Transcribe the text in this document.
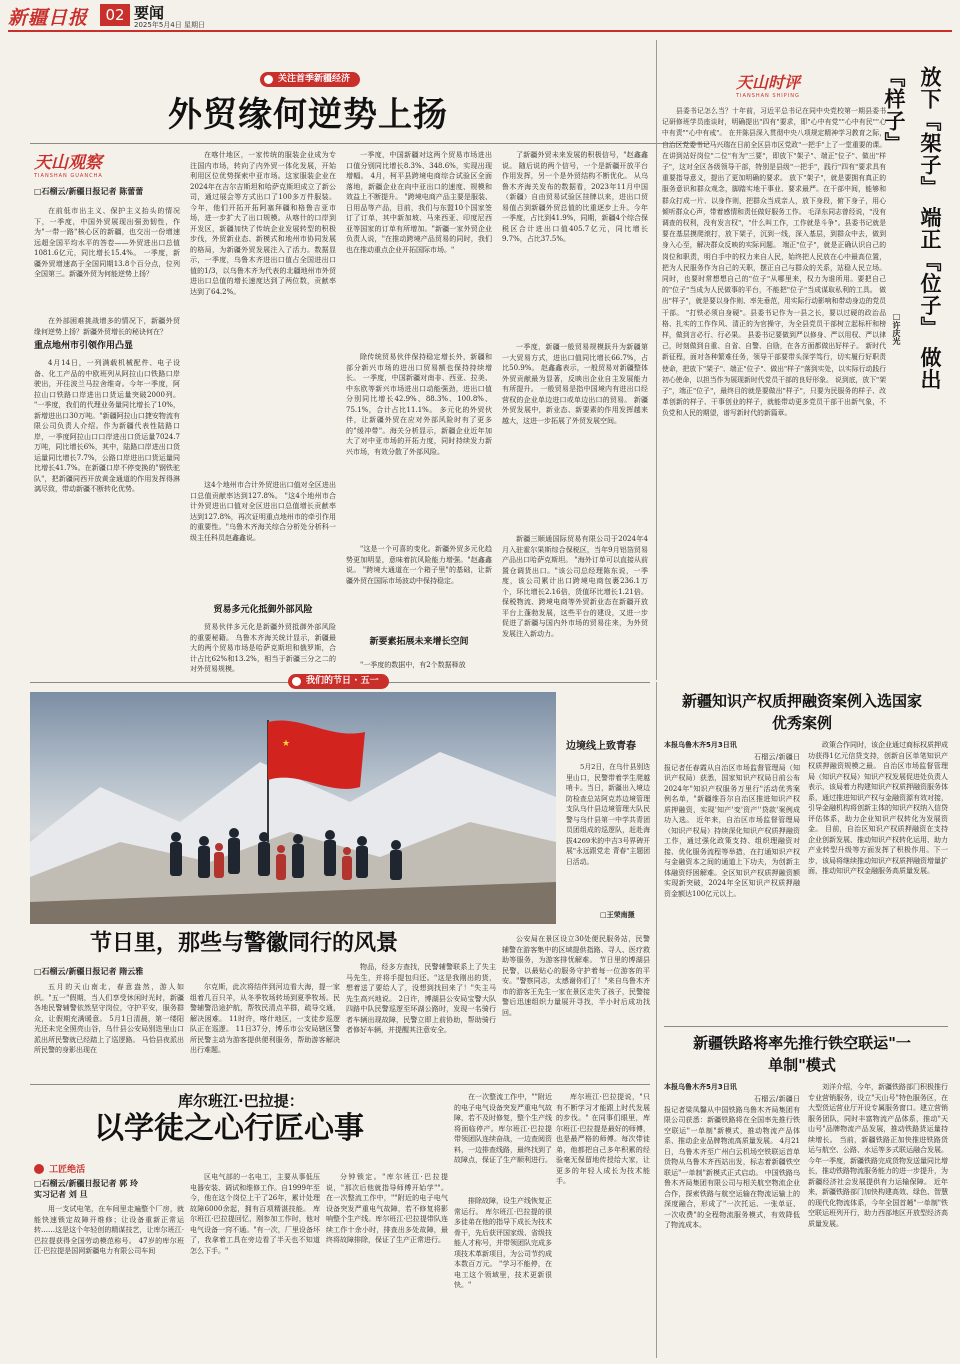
新疆日报	02 要闻
2025年5月4日 星期日
关注首季新疆经济
外贸缘何逆势上扬
天山观察
TIANSHAN GUANCHA
□石榴云/新疆日报记者 陈蕾蕾
在前低市出主义、保护主义抬头的情况下，一季度，中国外贸展现出强劲韧性，作为"一带一路"核心区的新疆，也交出一份增速远超全国平均水平的答卷——外贸进出口总值1081.6亿元，同比增长15.4%。 一季度，新疆外贸增速高于全国同期13.8个百分点，位列全国第三。新疆外贸为何能逆势上扬？
在外部困难挑战增多的情况下，新疆外贸缘何逆势上扬？新疆外贸增长的秘诀何在？
重点地州市引领作用凸显
4月14日，一列满载机械配件、电子设备、化工产品的中欧班列从阿拉山口铁路口岸驶出，开往波兰马拉舍维奇。今年一季度，阿拉山口铁路口岸进出口货运量突破2000列。 "一季度，我们的代理业务量同比增长了10%，新增进出口30万吨。"新疆阿拉山口捷安物流有限公司负责人介绍。作为新疆代表性陆路口岸，一季度阿拉山口口岸进出口货运量7024.7万吨，同比增长6%，其中，陆路口岸进出口货运量同比增长7.7%，公路口岸进出口货运量同比增长41.7%。在新疆口岸不停变换的"钢铁驼队"，把新疆同西开放黄金通道的作用发挥得淋漓尽致，带动新疆不断转化优势。
在喀什地区，一家传统的服装企业成为专注国内市场，转向了内外贸一体化发展，开始利用区位优势探索中亚市场。这家服装企业在2024年在吉尔吉斯坦和哈萨克斯坦成立了新公司，通过展会等方式出口了100多万件服装。今年，他们开拓开拓阿塞拜疆和格鲁吉亚市场，进一步扩大了出口规模。从喀什的口岸到开发区，新疆加快了传统企业发展转型的积极步伐，外贸新业态、新模式和地州市协同发展的格局，为新疆外贸发展注入了活力。数据显示，一季度，乌鲁木齐进出口值占全国进出口值的1/3，以乌鲁木齐为代表的北疆地州市外贸进出口总值的增长速度达到了两位数，贡献率达到了64.2%。
这4个地州市合计外贸进出口值对全区进出口总值贡献率达到127.8%。 "这4个地州市合计外贸进出口值对全区进出口总值增长贡献率达到127.8%，再次证明重点地州市的牵引作用的重要性。"乌鲁木齐海关综合分析处分析科一级主任科员赵鑫鑫说。
贸易多元化抵御外部风险
贸易伙伴多元化是新疆外贸抵御外部风险的重要秘籍。 乌鲁木齐海关统计显示，新疆最大的两个贸易市场是哈萨克斯坦和俄罗斯，合计占比62%和13.2%，相当于新疆三分之二的对外贸易规模。
一季度，中国新疆对这两个贸易市场进出口值分别同比增长8.3%、348.6%，实现出现增幅。 4月，柯平县跨境电商综合试验区全面落地，新疆企业在向中亚出口的速度、规模和效益上不断提升。 "跨境电商产品主要是服装、日用品等产品，目前，我们与东盟10个国家签订了订单，其中新加坡、马来西亚、印度尼西亚等国家的订单有所增加。"新疆一家外贸企业负责人说，"在推动跨境产品贸易的同时，我们也在推动重点企业开拓国际市场。"
除传统贸易伙伴保持稳定增长外，新疆和部分新兴市场的进出口贸易额也保持持续增长。 一季度，中国新疆对南非、西亚、拉美、中东欧等新兴市场进出口动能强劲，进出口值分别同比增长42.9%、88.3%、100.8%、75.1%，合计占比11.1%。 多元化的外贸伙伴，让新疆外贸在应对外部风险时有了更多的"缓冲带"。海关分析显示，新疆企业近年加大了对中亚市场的开拓力度，同时持续发力新兴市场，有效分散了外部风险。
"这是一个可喜的变化。新疆外贸多元化趋势更加明显，意味着抗风险能力增强。"赵鑫鑫说。 "跨境大通道在一个箱子里"的基础，让新疆外贸在国际市场波动中保持稳定。
新要素拓展未来增长空间
"一季度的数据中，有2个数据释放
了新疆外贸未来发展的积极信号，"赵鑫鑫说。 随后说的两个信号，一个是新疆开放平台作用发挥，另一个是外贸结构不断优化。 从乌鲁木齐海关发布的数据看，2023年11月中国（新疆）自由贸易试验区挂牌以来，进出口贸易值占到新疆外贸总值的比重逐步上升。今年一季度，占比到41.9%，同期，新疆4个综合保税区合计进出口值405.7亿元，同比增长9.7%，占比37.5%。
一季度，新疆一般贸易规模跃升为新疆第一大贸易方式，进出口值同比增长66.7%，占比50.9%。 赵鑫鑫表示，一般贸易对新疆整体外贸贡献最为显著，反映出企业自主发展能力有所提升。 一般贸易是指中国境内有进出口经营权的企业单边进口或单边出口的贸易。 新疆外贸发展中，新业态、新要素的作用发挥越来越大，这进一步拓展了外贸发展空间。
新疆三顺通国际贸易有限公司于2024年4月入驻霍尔果斯综合保税区，当年9月铝箔贸易产品出口哈萨克斯坦。 "海外订单可以直接从前置仓调货出口。"该公司总经理陈东说，一季度，该公司累计出口跨境电商包裹236.1万个，环比增长2.16倍，货值环比增长1.21倍。 保税物流、跨境电商等外贸新业态在新疆开放平台上蓬勃发展，这些平台的建设，又进一步促进了新疆与国内外市场的贸易往来，为外贸发展注入新动力。
天山时评
TIANSHAN SHIPING	放下『架子』 端正『位子』 做出『样子』
□许庆光
县委书记怎么当？十年前，习近平总书记在同中央党校第一期县委书记研修班学员座谈时，明确提出"四有"要求，即"心中有党""心中有民""心中有责""心中有戒"。 在井陈县深入贯彻中央八项规定精神学习教育之际，自治区党委书记马兴瑞在日前全区县市区党政"一把手"上了一堂重要的课。在讲到站好岗位"二位"有为"三要"，即放下"架子"、端正"位子"、做出"样子"，这对全区各级领导干部，特别是县级"一把手"，践行"四有"要求具有重要指导意义，提出了更加明确的要求。 放下"架子"，就是要拥有真正的服务意识和群众观念，脚踏实地干事业、要求最严。在干部中间，能够和群众打成一片、以身作则，把群众当成亲人，放下身段，俯下身子，用心倾听群众心声，带着感情和责任做好服务工作。 毛泽东同志曾经说，"没有调查的权利，没有发言权"，"什么叫工作，工作就是斗争"。县委书记就是要在基层摸爬滚打，放下架子，沉到一线，深入基层，到群众中去，做到身入心至，解决群众反映的实际问题。 端正"位子"，就是正确认识自己的岗位和职责，明白手中的权力来自人民，始终把人民放在心中最高位置，把为人民服务作为自己的天职，摆正自己与群众的关系，站稳人民立场。 同时，也要时常想想自己的"位子"从哪里来，权力为谁所用。要把自己的"位子"当成为人民做事的平台，不能把"位子"当成谋取私利的工具。 做出"样子"，就是要以身作则、率先垂范，用实际行动影响和带动身边的党员干部。 "打铁必须自身硬"。县委书记作为一县之长，要以过硬的政治品格、扎实的工作作风、清正的为官操守，为全县党员干部树立起标杆和榜样，做到言必行、行必果。 县委书记要做到严以修身、严以用权、严以律己，时刻做到自重、自省、自警、自励，在各方面都做出好样子。 新时代新征程，面对各种繁难任务，领导干部要带头深学笃行，切实履行好职责使命，把放下"架子"、端正"位子"、做出"样子"落到实处，以实际行动践行初心使命，以担当作为展现新时代党员干部的良好形象。 说到底，放下"架子"，端正"位子"，最终目的就是要做出"样子"，只要为民服务的样子、改革创新的样子、干事创业的样子，就能带动更多党员干部干出新气象，不负党和人民的期望，谱写新时代的新篇章。
我们的节日 · 五一
★	边境线上致青春
5月2日，在乌什县别迭里山口，民警带着学生爬越哨卡。当日，新疆出入境边防检查总站阿克苏边境管理支队乌什县边境管理大队民警与乌什县第一中学共青团员团组成的巡逻队，赶赴海拔4269米的中吉3号界碑开展"永远跟党走 青春"主题团日活动。
□王荣南摄
节日里，那些与警徽同行的风景
□石榴云/新疆日报记者 隋云雅
五月的天山南北，春意盎然，游人如织。"五一"假期，当人们享受休闲时光时，新疆各地民警辅警依然坚守岗位，守护平安，服务群众，让假期充满暖意。 5月1日清晨，第一缕阳光还未完全照亮山谷，乌什县公安局别迭里山口派出所民警就已经踏上了巡逻路。 马恰县夜派出所民警的身影出现在
尔克斯，此次将结伴到河边看大海，提一家组着几百只羊，从冬季牧场转场到夏季牧场。民警辅警沿途护航，帮牧民清点羊群，疏导交通，解决困难。 11时许，喀什地区，一支徒步巡逻队正在巡逻。 11日37分，博乐市公安局辖区警所民警主动为游客提供便利服务，帮助游客解决出行难题。
物品，经多方查找，民警辅警联系上了失主马先生，并将手提包归还。"这是我刚出的货，想着送了要给人了，没想到找回来了！"失主马先生高兴地说。 2日许，博湖县公安局宝警大队四路中队民警巡逻至环湖公路时，发现一名骑行者车辆出现故障，民警立即上前协助，帮助骑行者修好车辆，并提醒其注意安全。
公安局在景区设立30处便民服务站，民警辅警在游客集中的区域提供指路、寻人、医疗救助等服务，为游客排忧解难。 节日里的博湖县民警，以最贴心的服务守护着每一位游客的平安。"警察同志，太感谢你们了！"来自乌鲁木齐市的游客王先生一家在景区走失了孩子，民警接警后迅速组织力量展开寻找，半小时后成功找回。
新疆知识产权质押融资案例入选国家优秀案例
本报乌鲁木齐5月3日讯
石榴云/新疆日报记者任春霞从自治区市场监督管理局（知识产权局）获悉，国家知识产权局日前公布2024年"知识产权服务万里行"活动优秀案例名单，"新疆维吾尔自治区推进知识产权质押融资，实现'知产'变'资产''贷款'案例成功入选。 近年来，自治区市场监督管理局（知识产权局）持续深化知识产权质押融资工作，通过强化政策支持、组织理融资对接、优化服务流程等举措，在打通知识产权与金融资本之间的通道上下功夫，为创新主体融资纾困解难。全区知识产权质押融资额实现新突破，2024年全区知识产权质押融资金额达100亿元以上。
政策合作同时，该企业通过商标权质押成功获得1亿元信贷支持，创新自区单笔知识产权质押融资规模之最。 自治区市场监督管理局（知识产权局）知识产权发展促进处负责人表示，该局着力构建知识产权质押融资服务体系，通过推进知识产权与金融资源有效对接，引导金融机构将创新主体的知识产权纳入信贷评估体系，助力企业知识产权转化为发展资金。 目前，自治区知识产权质押融资在支持企业创新发展、推动知识产权转化运用、助力产业转型升级等方面发挥了积极作用。下一步，该局将继续推动知识产权质押融资增量扩面，推动知识产权金融服务高质量发展。
新疆铁路将率先推行铁空联运"一单制"模式
本报乌鲁木齐5月3日讯
石榴云/新疆日报记者梁凤馨从中国铁路乌鲁木齐局集团有限公司获悉：新疆铁路将在全国率先推行铁空联运"一单制"新模式，推动物流产品体系、推动企业品牌物流高质量发展。 4月21日，乌鲁木齐至广州白云机场空铁联运首单货物从乌鲁木齐西站出发，标志着新疆铁空联运"一单制"新模式正式启动。 中国铁路乌鲁木齐局集团有限公司与相关航空物流企业合作，探索铁路与航空运输在物流运输上的深度融合，形成了"一次托运、一张单证、一次收费"的全程物流服务模式，有效降低了物流成本。
刘洋介绍，今年，新疆铁路部门积极推行专业营销服务，设立"天山号"特色服务区，在大型货运营业厅开设专属服务窗口。建立营销服务团队，同时丰富物流产品体系，推动"天山号"品牌物流产品发展，推动铁路货运量持续增长。 当前，新疆铁路正加快推进铁路货运与航空、公路、水运等多式联运融合发展。今年一季度，新疆铁路完成货物发送量同比增长，推动铁路物流服务能力的进一步提升，为新疆经济社会发展提供有力运输保障。 近年来，新疆铁路部门加快构建高效、绿色、智慧的现代化物流体系，今年全国首趟"一单制"铁空联运班列开行，助力西部地区开放型经济高质量发展。
库尔班江·巴拉提：
以学徒之心行匠心事
工匠绝活
□石榴云/新疆日报记者 郭 玲
实习记者 刘 旦
用一支试电笔，在车间里走遍整个厂房，就能快速锁定故障开维修；让设备重新正常运转……这是这个年轻创的精谋技艺，让库尔班江·巴拉提获得全国劳动模范称号。 47岁的库尔班江·巴拉提是国网新疆电力有限公司车间
区电气部的一名电工，主要从事低压电器安装、调试和维修工作。自1999年至今，他在这个岗位上干了26年，累计处理故障6000余起，拥有百项精湛技能。 库尔班江·巴拉提回忆，刚参加工作时，他对电气设备一窍不通。"有一次，厂里设备坏了，我拿着工具在旁边看了半天也不知道怎么下手。"
分钟锁定。"库尔班江·巴拉提说，"那次后他就指导师傅开始学""。 在一次整流工作中，""附近的电子电气设备突发严重电气故障，若不修复将影响整个生产线。库尔班江·巴拉提带队连续工作十余小时，排查出多处故障，最终将故障排除，保证了生产正常进行。
在一次整流工作中，""附近的电子电气设备突发严重电气故障，若不及时修复，整个生产线将面临停产。库尔班江·巴拉提带领团队连续奋战，一边查阅资料，一边排查线路，最终找到了故障点，保证了生产顺利进行。
排除故障，设生产线恢复正常运行。 库尔班江·巴拉提的很多徒弟在他的指导下成长为技术骨干，先后获评国家级、省级技能人才称号，并带领团队完成多项技术革新项目，为公司节约成本数百万元。 "学习不能停，在电工这个领域里，技术更新很快。"
库尔班江·巴拉提说，"只有不断学习才能跟上时代发展的步伐。" 在同事们眼里，库尔班江·巴拉提是最好的师傅，也是最严格的师傅。每次带徒弟，他都把自己多年积累的经验毫无保留地传授给大家，让更多的年轻人成长为技术能手。
